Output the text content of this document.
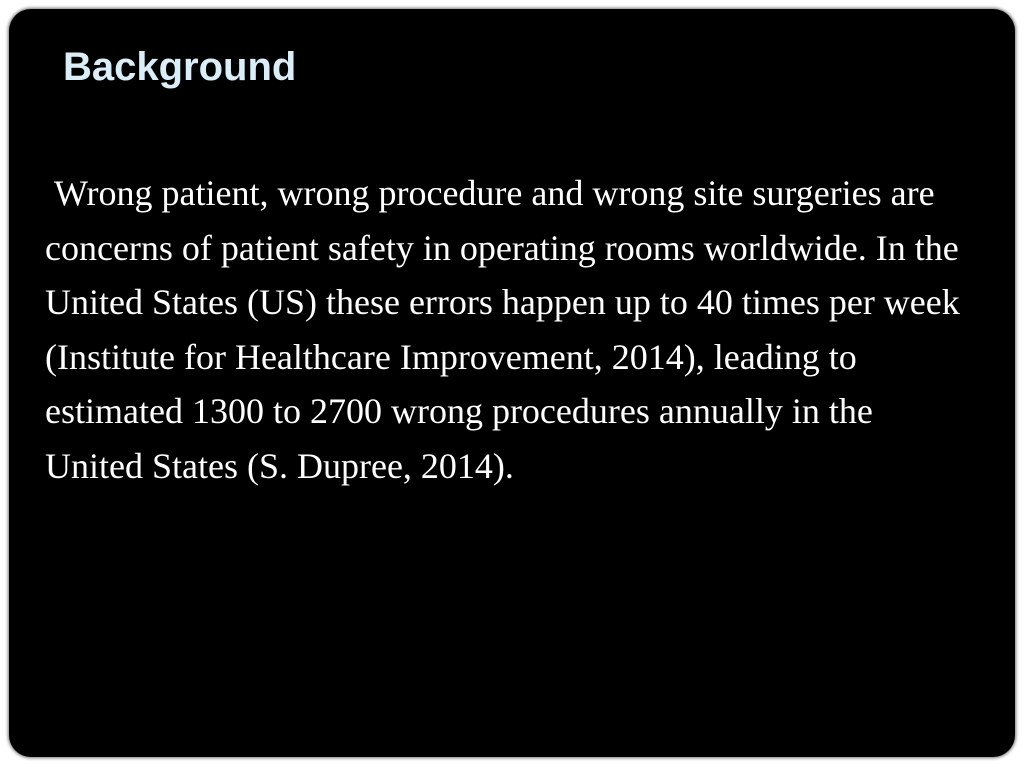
Background

Wrong patient, wrong procedure and wrong site surgeries are concerns of patient safety in operating rooms worldwide. In the United States (US) these errors happen up to 40 times per week (Institute for Healthcare Improvement, 2014), leading to estimated 1300 to 2700 wrong procedures annually in the United States (S. Dupree, 2014).
